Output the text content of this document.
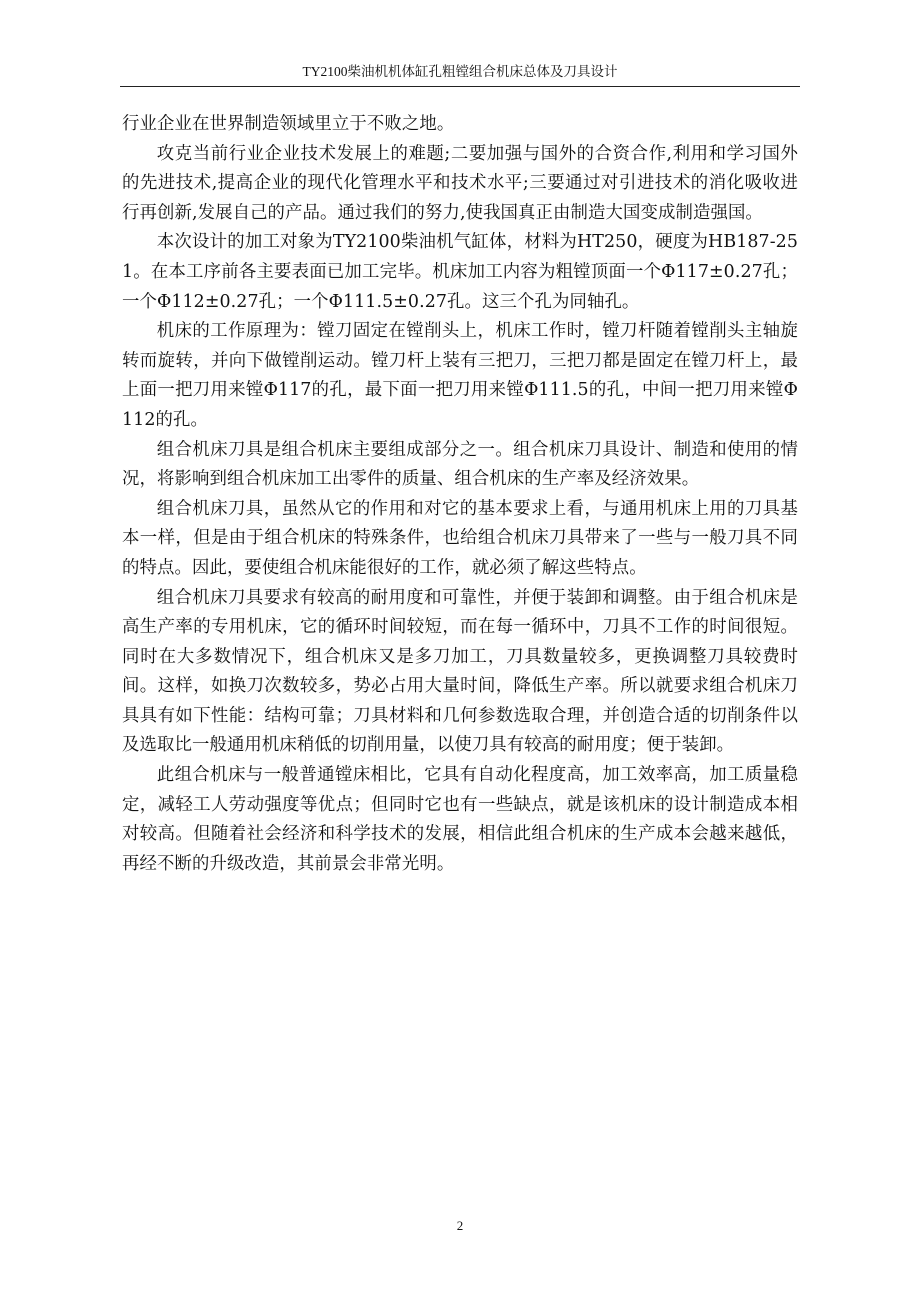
TY2100柴油机机体缸孔粗镗组合机床总体及刀具设计

行业企业在世界制造领域里立于不败之地。

攻克当前行业企业技术发展上的难题;二要加强与国外的合资合作,利用和学习国外的先进技术,提高企业的现代化管理水平和技术水平;三要通过对引进技术的消化吸收进行再创新,发展自己的产品。通过我们的努力,使我国真正由制造大国变成制造强国。

本次设计的加工对象为TY2100柴油机气缸体，材料为HT250，硬度为HB187-251。在本工序前各主要表面已加工完毕。机床加工内容为粗镗顶面一个Φ117±0.27孔；一个Φ112±0.27孔；一个Φ111.5±0.27孔。这三个孔为同轴孔。

机床的工作原理为：镗刀固定在镗削头上，机床工作时，镗刀杆随着镗削头主轴旋转而旋转，并向下做镗削运动。镗刀杆上装有三把刀，三把刀都是固定在镗刀杆上，最上面一把刀用来镗Φ117的孔，最下面一把刀用来镗Φ111.5的孔，中间一把刀用来镗Φ112的孔。

组合机床刀具是组合机床主要组成部分之一。组合机床刀具设计、制造和使用的情况，将影响到组合机床加工出零件的质量、组合机床的生产率及经济效果。

组合机床刀具，虽然从它的作用和对它的基本要求上看，与通用机床上用的刀具基本一样，但是由于组合机床的特殊条件，也给组合机床刀具带来了一些与一般刀具不同的特点。因此，要使组合机床能很好的工作，就必须了解这些特点。

组合机床刀具要求有较高的耐用度和可靠性，并便于装卸和调整。由于组合机床是高生产率的专用机床，它的循环时间较短，而在每一循环中，刀具不工作的时间很短。同时在大多数情况下，组合机床又是多刀加工，刀具数量较多，更换调整刀具较费时间。这样，如换刀次数较多，势必占用大量时间，降低生产率。所以就要求组合机床刀具具有如下性能：结构可靠；刀具材料和几何参数选取合理，并创造合适的切削条件以及选取比一般通用机床稍低的切削用量，以使刀具有较高的耐用度；便于装卸。

此组合机床与一般普通镗床相比，它具有自动化程度高，加工效率高，加工质量稳定，减轻工人劳动强度等优点；但同时它也有一些缺点，就是该机床的设计制造成本相对较高。但随着社会经济和科学技术的发展，相信此组合机床的生产成本会越来越低，再经不断的升级改造，其前景会非常光明。

2
